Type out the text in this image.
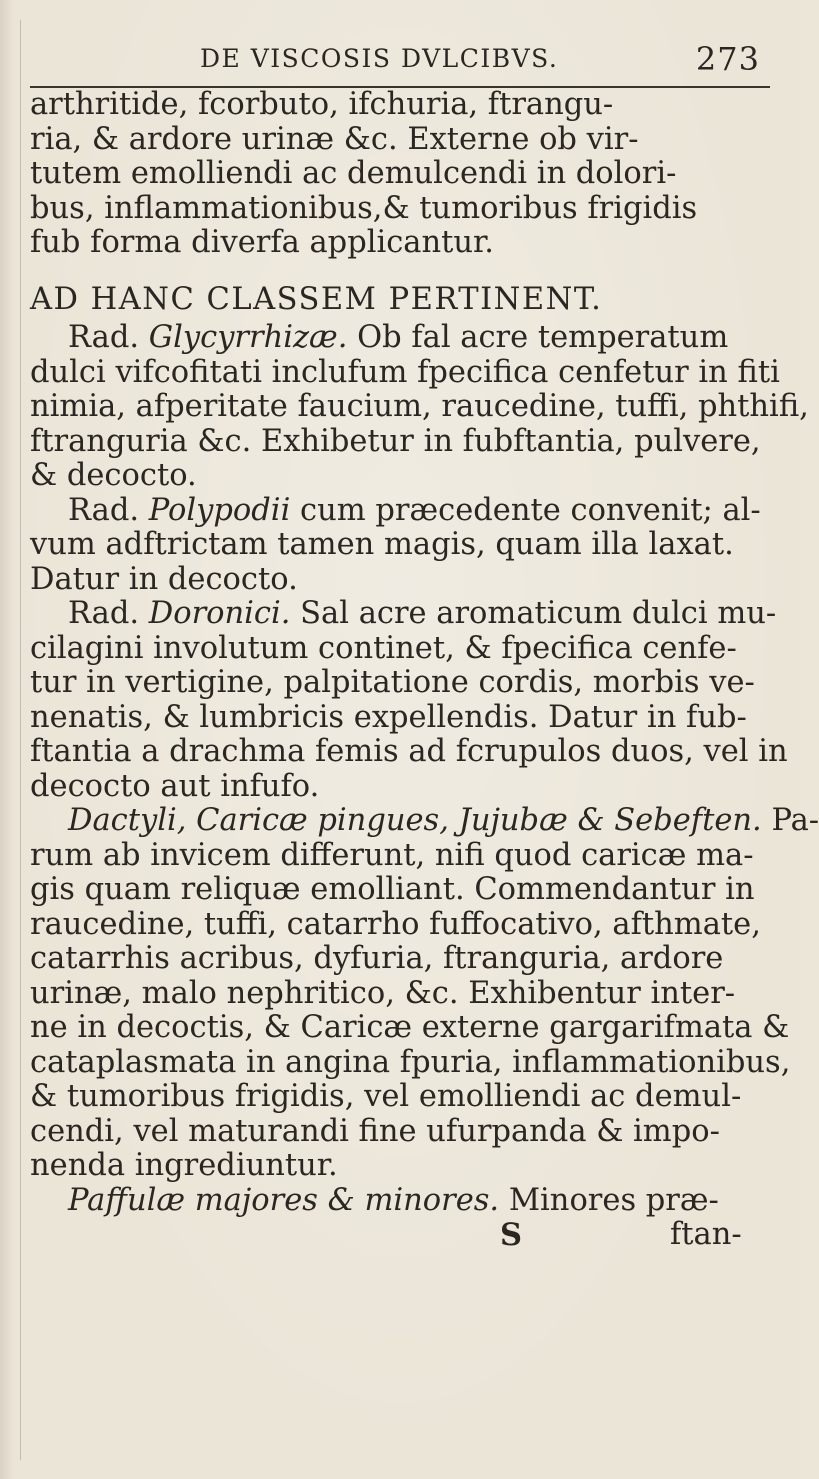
DE VISCOSIS DVLCIBVS.	273
arthritide, fcorbuto, ifchuria, ftrangu-
ria, & ardore urinæ &c. Externe ob vir-
tutem emolliendi ac demulcendi in dolori-
bus, inflammationibus,& tumoribus frigidis
fub forma diverfa applicantur.
AD HANC CLASSEM PERTINENT.
Rad. Glycyrrhizæ. Ob fal acre temperatum
dulci vifcofitati inclufum fpecifica cenfetur in fiti
nimia, afperitate faucium, raucedine, tuffi, phthifi,
ftranguria &c. Exhibetur in fubftantia, pulvere,
& decocto.
Rad. Polypodii cum præcedente convenit; al-
vum adftrictam tamen magis, quam illa laxat.
Datur in decocto.
Rad. Doronici. Sal acre aromaticum dulci mu-
cilagini involutum continet, & fpecifica cenfe-
tur in vertigine, palpitatione cordis, morbis ve-
nenatis, & lumbricis expellendis. Datur in fub-
ftantia a drachma femis ad fcrupulos duos, vel in
decocto aut infufo.
Dactyli, Caricæ pingues, Jujubæ & Sebeften. Pa-
rum ab invicem differunt, nifi quod caricæ ma-
gis quam reliquæ emolliant. Commendantur in
raucedine, tuffi, catarrho fuffocativo, afthmate,
catarrhis acribus, dyfuria, ftranguria, ardore
urinæ, malo nephritico, &c. Exhibentur inter-
ne in decoctis, & Caricæ externe gargarifmata &
cataplasmata in angina fpuria, inflammationibus,
& tumoribus frigidis, vel emolliendi ac demul-
cendi, vel maturandi fine ufurpanda & impo-
nenda ingrediuntur.
Paffulæ majores & minores. Minores præ-
S	ftan-
